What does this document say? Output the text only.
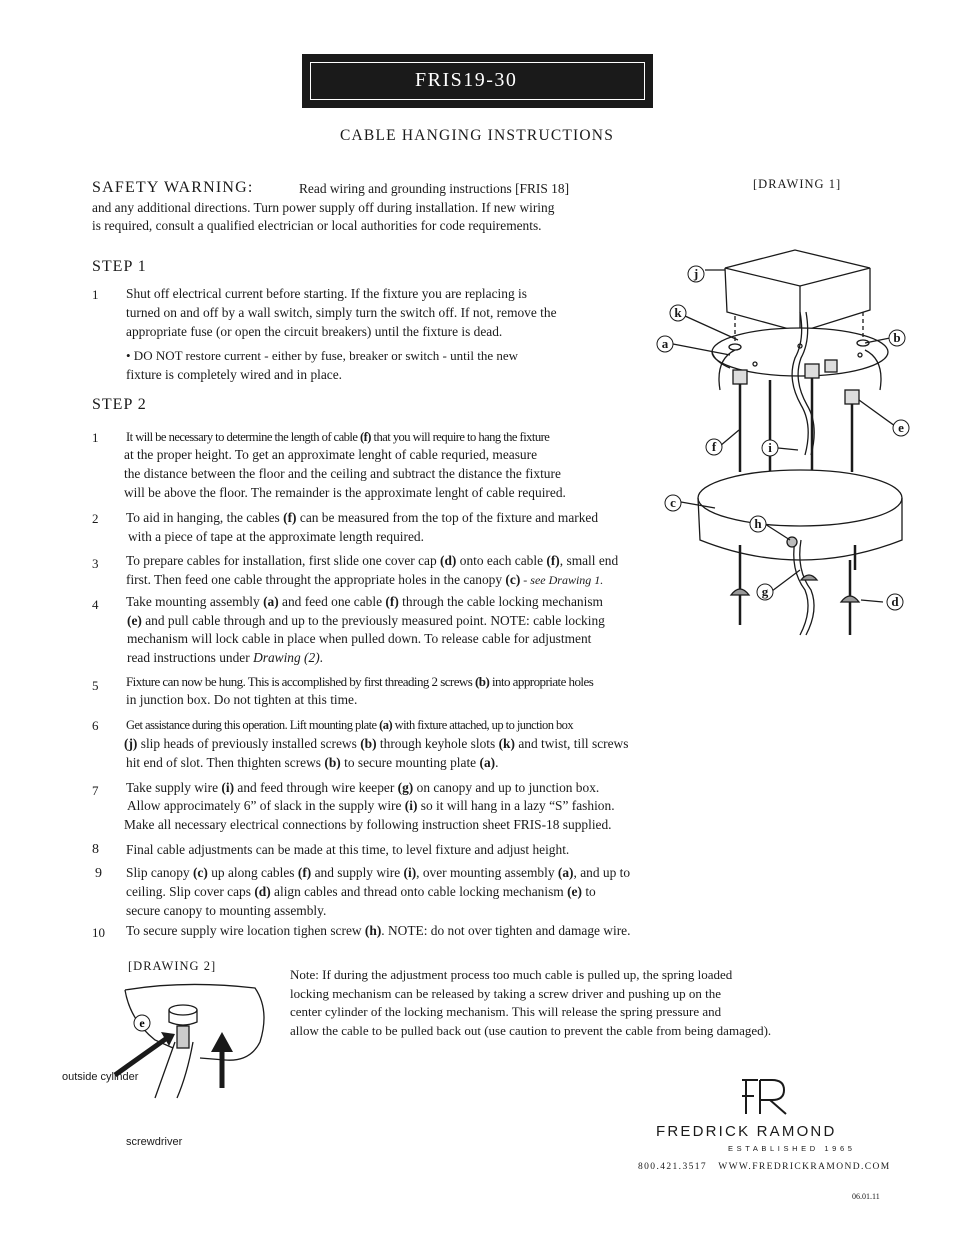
FRIS19-30
CABLE HANGING INSTRUCTIONS
SAFETY WARNING:	Read wiring and grounding instructions [FRIS 18]
and any additional directions. Turn power supply off during installation. If new wiring
is required, consult a qualified electrician or local authorities for code requirements.
STEP 1
1 Shut off electrical current before starting. If the fixture you are replacing is
turned on and off by a wall switch, simply turn the switch off. If not, remove the
appropriate fuse (or open the circuit breakers) until the fixture is dead.
• DO NOT restore current - either by fuse, breaker or switch - until the new
fixture is completely wired and in place.
STEP 2
1 It will be necessary to determine the length of cable (f) that you will require to hang the fixture
at the proper height. To get an approximate lenght of cable requried, measure
the distance between the floor and the ceiling and subtract the distance the fixture
will be above the floor. The remainder is the approximate lenght of cable required.
2 To aid in hanging, the cables (f) can be measured from the top of the fixture and marked
with a piece of tape at the approximate length required.
3 To prepare cables for installation, first slide one cover cap (d) onto each cable (f), small end
first. Then feed one cable throught the appropriate holes in the canopy (c) - see Drawing 1.
4 Take mounting assembly (a) and feed one cable (f) through the cable locking mechanism
(e) and pull cable through and up to the previously measured point. NOTE: cable locking
mechanism will lock cable in place when pulled down. To release cable for adjustment
read instructions under Drawing (2).
5 Fixture can now be hung. This is accomplished by first threading 2 screws (b) into appropriate holes
in junction box. Do not tighten at this time.
6 Get assistance during this operation. Lift mounting plate (a) with fixture attached, up to junction box
(j) slip heads of previously installed screws (b) through keyhole slots (k) and twist, till screws
hit end of slot. Then thighten screws (b) to secure mounting plate (a).
7 Take supply wire (i) and feed through wire keeper (g) on canopy and up to junction box.
Allow approcimately 6” of slack in the supply wire (i) so it will hang in a lazy “S” fashion.
Make all necessary electrical connections by following instruction sheet FRIS-18 supplied.
8 Final cable adjustments can be made at this time, to level fixture and adjust height.
9 Slip canopy (c) up along cables (f) and supply wire (i), over mounting assembly (a), and up to
ceiling. Slip cover caps (d) align cables and thread onto cable locking mechanism (e) to
secure canopy to mounting assembly.
10 To secure supply wire location tighen screw (h). NOTE: do not over tighten and damage wire.
[DRAWING 1]
j
k
a	b
e
f	i
c
h
g
d
[DRAWING 2]
e
outside cylinder
screwdriver
Note: If during the adjustment process too much cable is pulled up, the spring loaded
locking mechanism can be released by taking a screw driver and pushing up on the
center cylinder of the locking mechanism. This will release the spring pressure and
allow the cable to be pulled back out (use caution to prevent the cable from being damaged).
FREDRICK RAMOND
ESTABLISHED 1965
800.421.3517   WWW.FREDRICKRAMOND.COM
06.01.11
